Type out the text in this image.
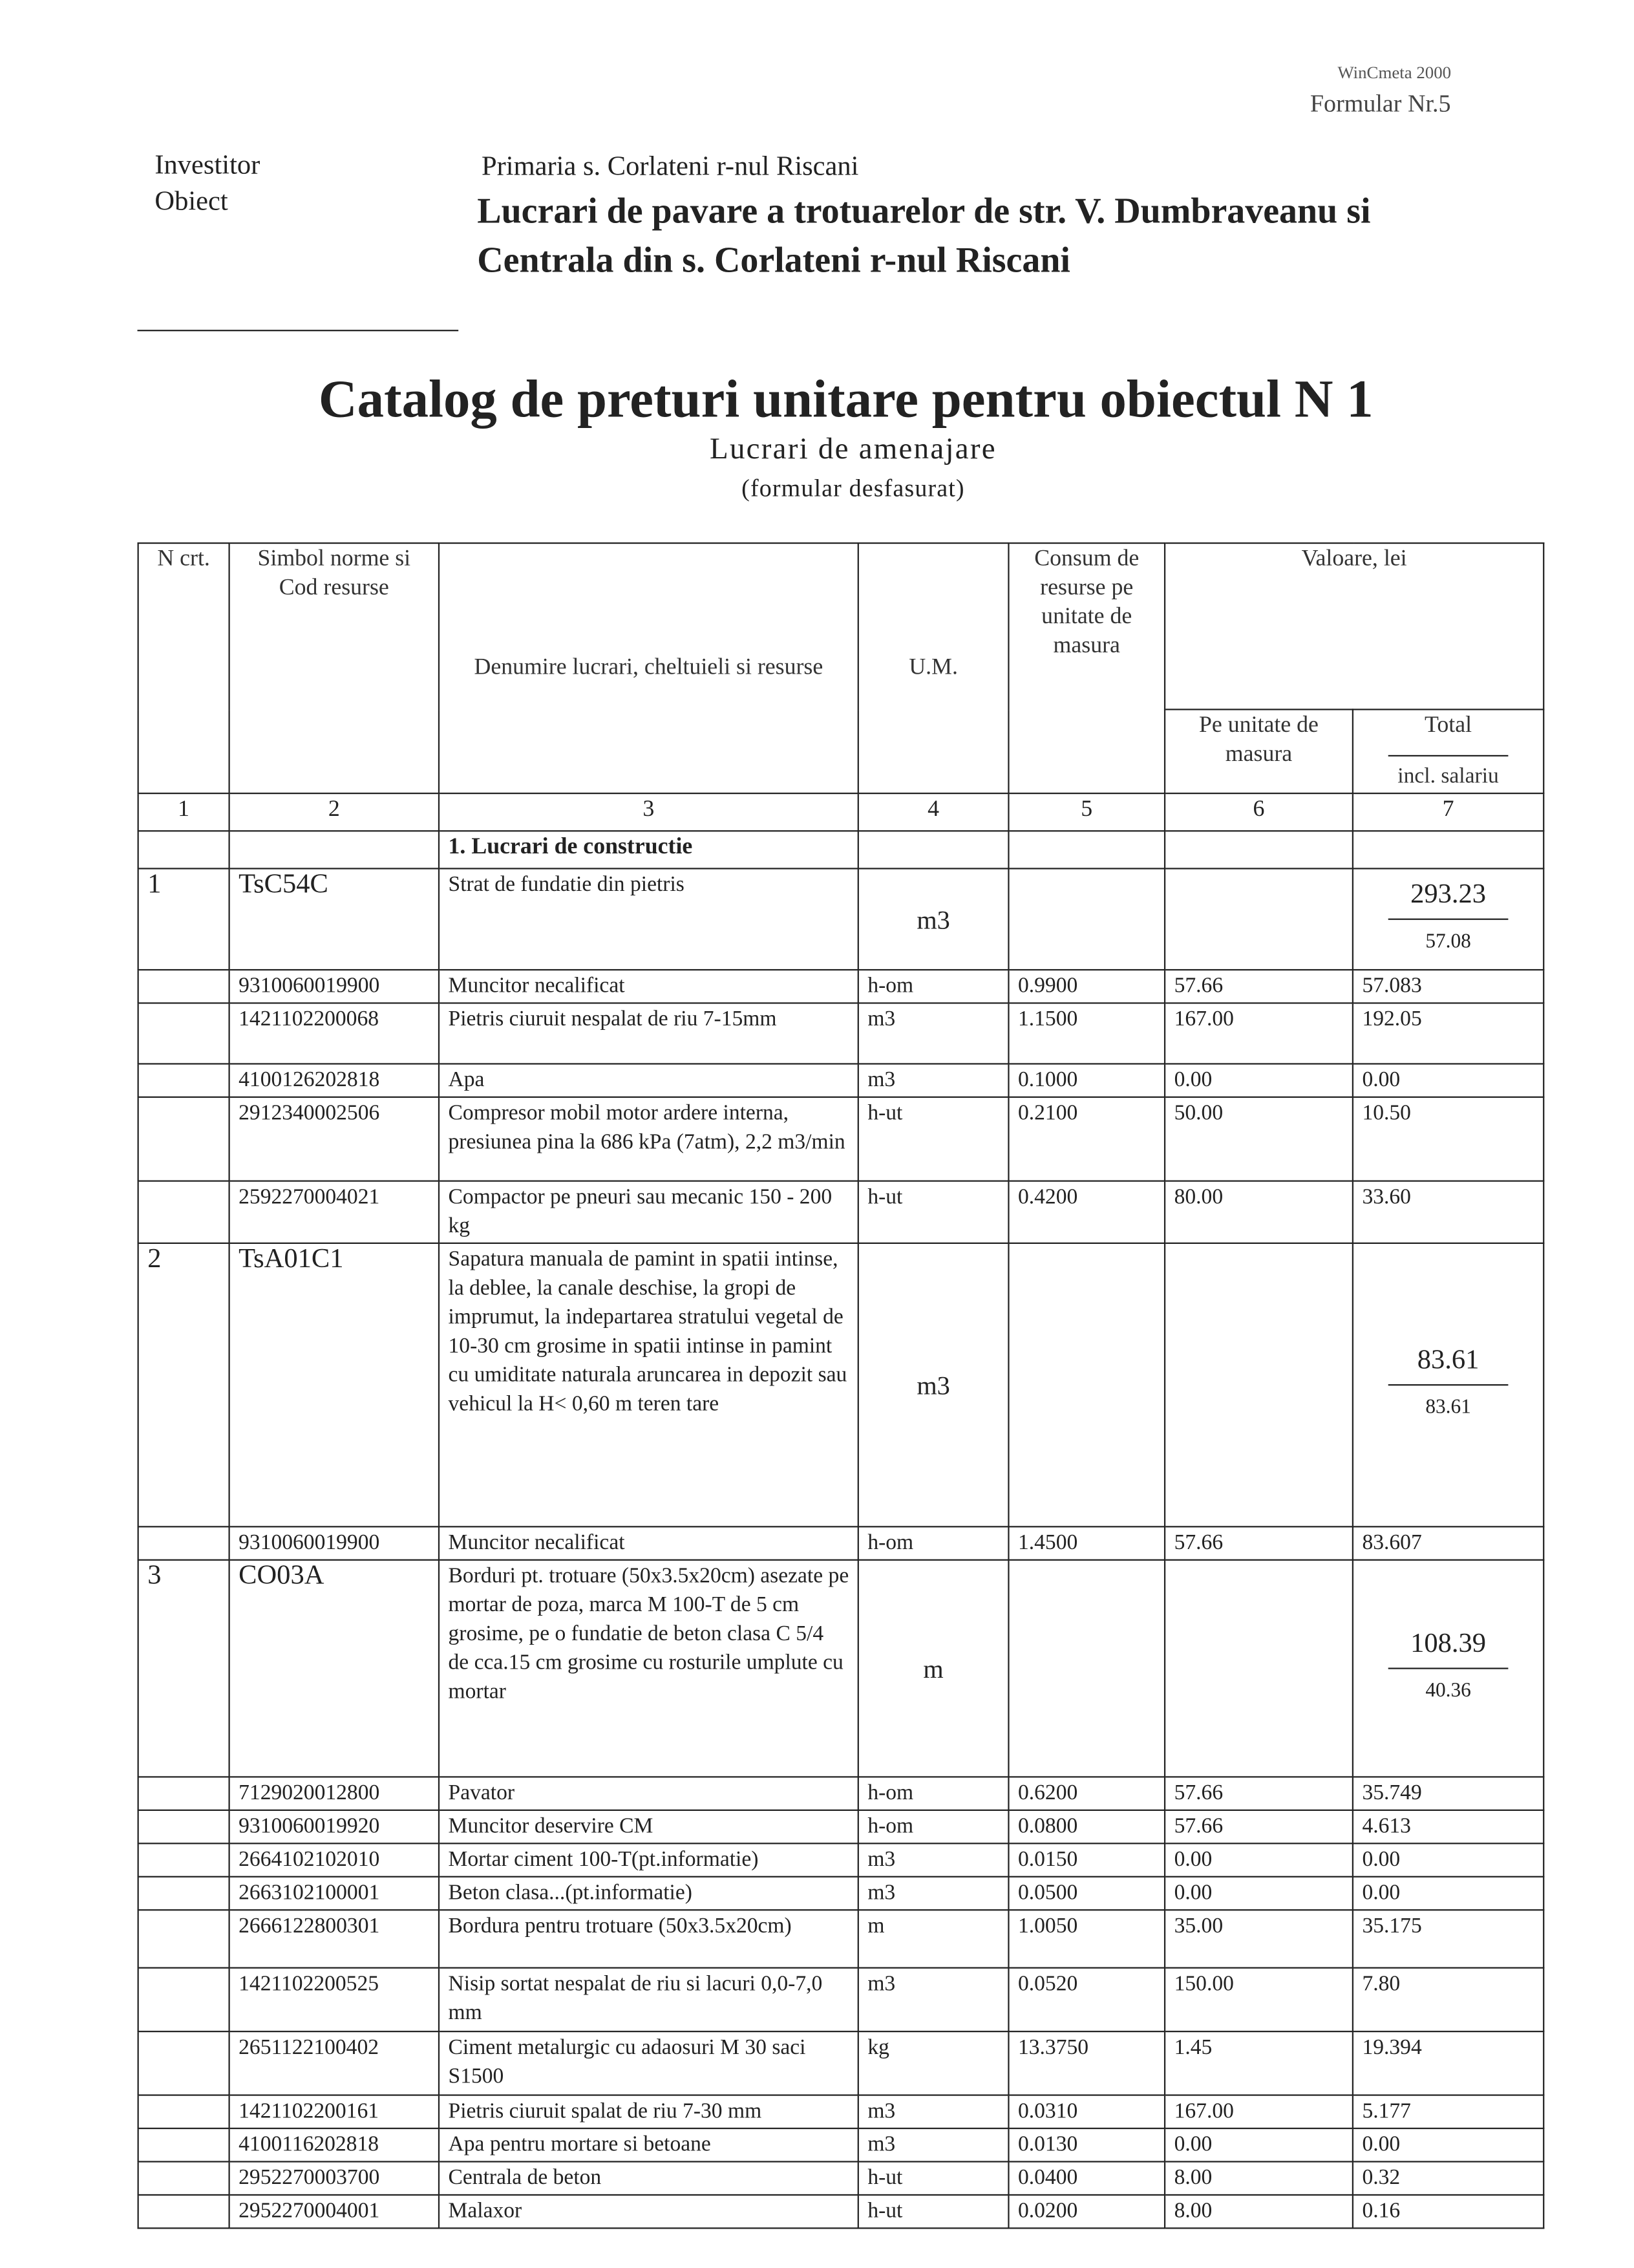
WinCmeta 2000
Formular Nr.5
Investitor
Obiect
Primaria s. Corlateni r-nul Riscani
Lucrari de pavare a trotuarelor de str. V. Dumbraveanu si Centrala din s. Corlateni r-nul Riscani
Catalog de preturi unitare pentru obiectul N 1
Lucrari de amenajare
(formular desfasurat)
N crt.	Simbol norme si Cod resurse	Denumire lucrari, cheltuieli si resurse	U.M.	Consum de resurse pe unitate de masura	Valoare, lei	
					Pe unitate de masura	Total
incl. salariu

1	2	3	4	5	6	7
		1. Lucrari de constructie				
1	TsC54C	Strat de fundatie din pietris	m3			293.23
57.08

	9310060019900	Muncitor necalificat	h-om	0.9900	57.66	57.083
	1421102200068	Pietris ciuruit nespalat de riu 7-15mm	m3	1.1500	167.00	192.05
	4100126202818	Apa	m3	0.1000	0.00	0.00
	2912340002506	Compresor mobil motor ardere interna, presiunea pina la 686 kPa (7atm), 2,2 m3/min	h-ut	0.2100	50.00	10.50
	2592270004021	Compactor pe pneuri sau mecanic 150 - 200 kg	h-ut	0.4200	80.00	33.60
2	TsA01C1	Sapatura manuala de pamint in spatii intinse, la deblee, la canale deschise, la gropi de imprumut, la indepartarea stratului vegetal de 10-30 cm grosime in spatii intinse in pamint cu umiditate naturala aruncarea in depozit sau vehicul la H< 0,60 m teren tare	m3			83.61
83.61

	9310060019900	Muncitor necalificat	h-om	1.4500	57.66	83.607
3	CO03A	Borduri pt. trotuare (50x3.5x20cm) asezate pe mortar de poza, marca M 100-T de 5 cm grosime, pe o fundatie de beton clasa C 5/4 de cca.15 cm grosime cu rosturile umplute cu mortar	m			108.39
40.36

	7129020012800	Pavator	h-om	0.6200	57.66	35.749
	9310060019920	Muncitor deservire CM	h-om	0.0800	57.66	4.613
	2664102102010	Mortar ciment 100-T(pt.informatie)	m3	0.0150	0.00	0.00
	2663102100001	Beton clasa...(pt.informatie)	m3	0.0500	0.00	0.00
	2666122800301	Bordura pentru trotuare (50x3.5x20cm)	m	1.0050	35.00	35.175
	1421102200525	Nisip sortat nespalat de riu si lacuri 0,0-7,0 mm	m3	0.0520	150.00	7.80
	2651122100402	Ciment metalurgic cu adaosuri M 30 saci S1500	kg	13.3750	1.45	19.394
	1421102200161	Pietris ciuruit spalat de riu 7-30 mm	m3	0.0310	167.00	5.177
	4100116202818	Apa pentru mortare si betoane	m3	0.0130	0.00	0.00
	2952270003700	Centrala de beton	h-ut	0.0400	8.00	0.32
	2952270004001	Malaxor	h-ut	0.0200	8.00	0.16
